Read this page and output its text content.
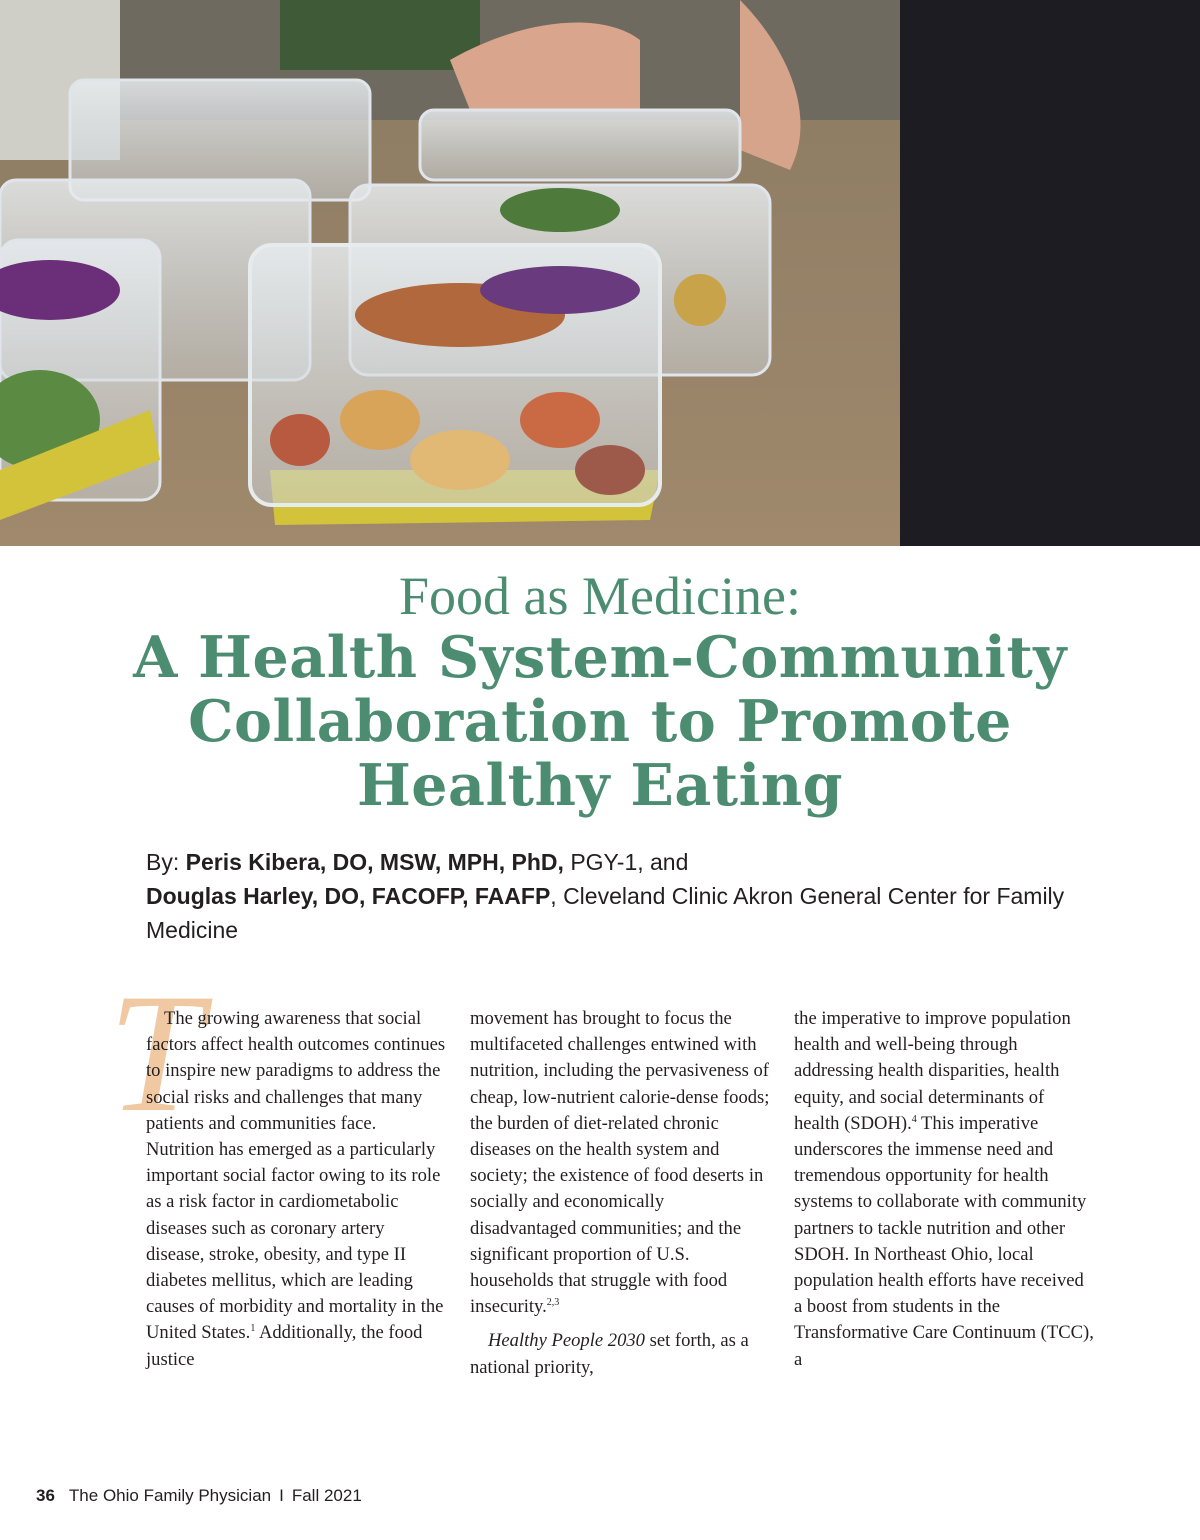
Food as Medicine:
A Health System-Community
Collaboration to Promote
Healthy Eating
By: Peris Kibera, DO, MSW, MPH, PhD, PGY-1, and
Douglas Harley, DO, FACOFP, FAAFP, Cleveland Clinic Akron General Center for Family Medicine
T

The growing awareness that social factors affect health outcomes continues to inspire new paradigms to address the social risks and challenges that many patients and communities face. Nutrition has emerged as a particularly important social factor owing to its role as a risk factor in cardiometabolic diseases such as coronary artery disease, stroke, obesity, and type II diabetes mellitus, which are leading causes of morbidity and mortality in the United States.$^1$ Additionally, the food justice

movement has brought to focus the multifaceted challenges entwined with nutrition, including the pervasiveness of cheap, low-nutrient calorie-dense foods; the burden of diet-related chronic diseases on the health system and society; the existence of food deserts in socially and economically disadvantaged communities; and the significant proportion of U.S. households that struggle with food insecurity.$^{2,3}$

Healthy People 2030 set forth, as a national priority,

the imperative to improve population health and well-being through addressing health disparities, health equity, and social determinants of health (SDOH).$^4$ This imperative underscores the immense need and tremendous opportunity for health systems to collaborate with community partners to tackle nutrition and other SDOH. In Northeast Ohio, local population health efforts have received a boost from students in the Transformative Care Continuum (TCC), a

36 The Ohio Family Physician I Fall 2021
